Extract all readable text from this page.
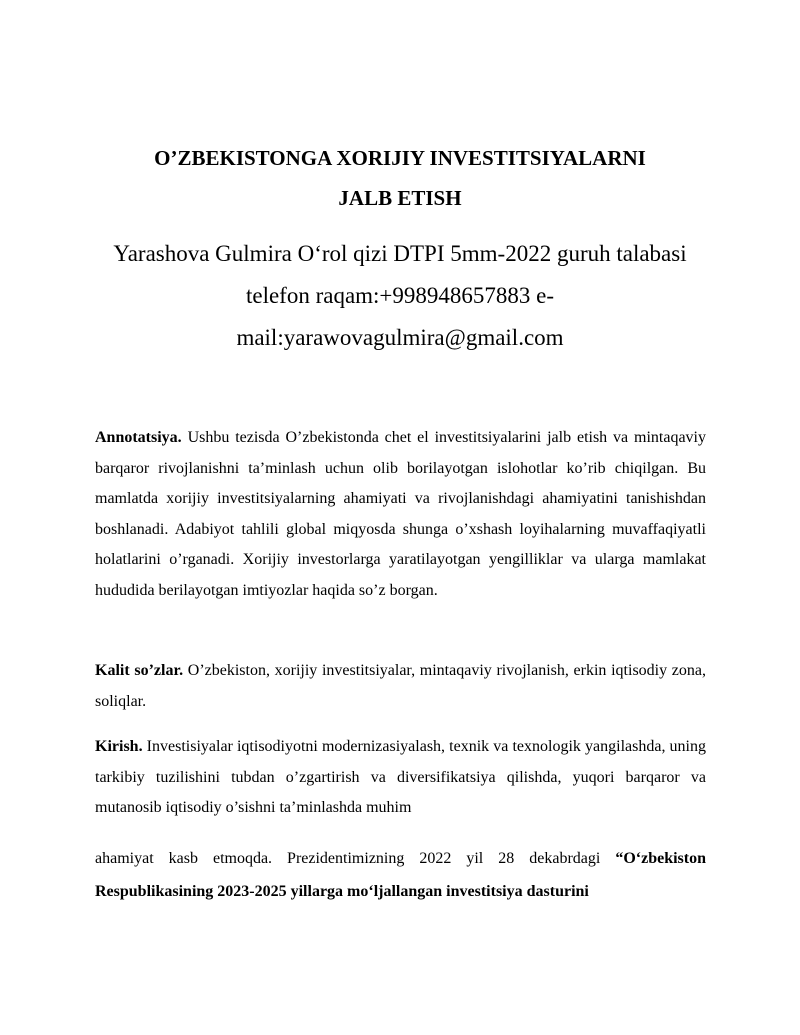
O’ZBEKISTONGA XORIJIY INVESTITSIYALARNI
JALB ETISH
Yarashova Gulmira O‘rol qizi DTPI 5mm-2022 guruh talabasi
telefon raqam:+998948657883 e-
mail:yarawovagulmira@gmail.com

Annotatsiya. Ushbu tezisda O’zbekistonda chet el investitsiyalarini jalb etish va mintaqaviy barqaror rivojlanishni ta’minlash uchun olib borilayotgan islohotlar ko’rib chiqilgan. Bu mamlatda xorijiy investitsiyalarning ahamiyati va rivojlanishdagi ahamiyatini tanishishdan boshlanadi. Adabiyot tahlili global miqyosda shunga o’xshash loyihalarning muvaffaqiyatli holatlarini o’rganadi. Xorijiy investorlarga yaratilayotgan yengilliklar va ularga mamlakat hududida berilayotgan imtiyozlar haqida so’z borgan.

Kalit so’zlar. O’zbekiston, xorijiy investitsiyalar, mintaqaviy rivojlanish, erkin iqtisodiy zona, soliqlar.

Kirish. Investisiyalar iqtisodiyotni modernizasiyalash, texnik va texnologik yangilashda, uning tarkibiy tuzilishini tubdan o’zgartirish va diversifikatsiya qilishda, yuqori barqaror va mutanosib iqtisodiy o’sishni ta’minlashda muhim

ahamiyat kasb etmoqda. Prezidentimizning 2022 yil 28 dekabrdagi “O‘zbekiston Respublikasining 2023-2025 yillarga mo‘ljallangan investitsiya dasturini
